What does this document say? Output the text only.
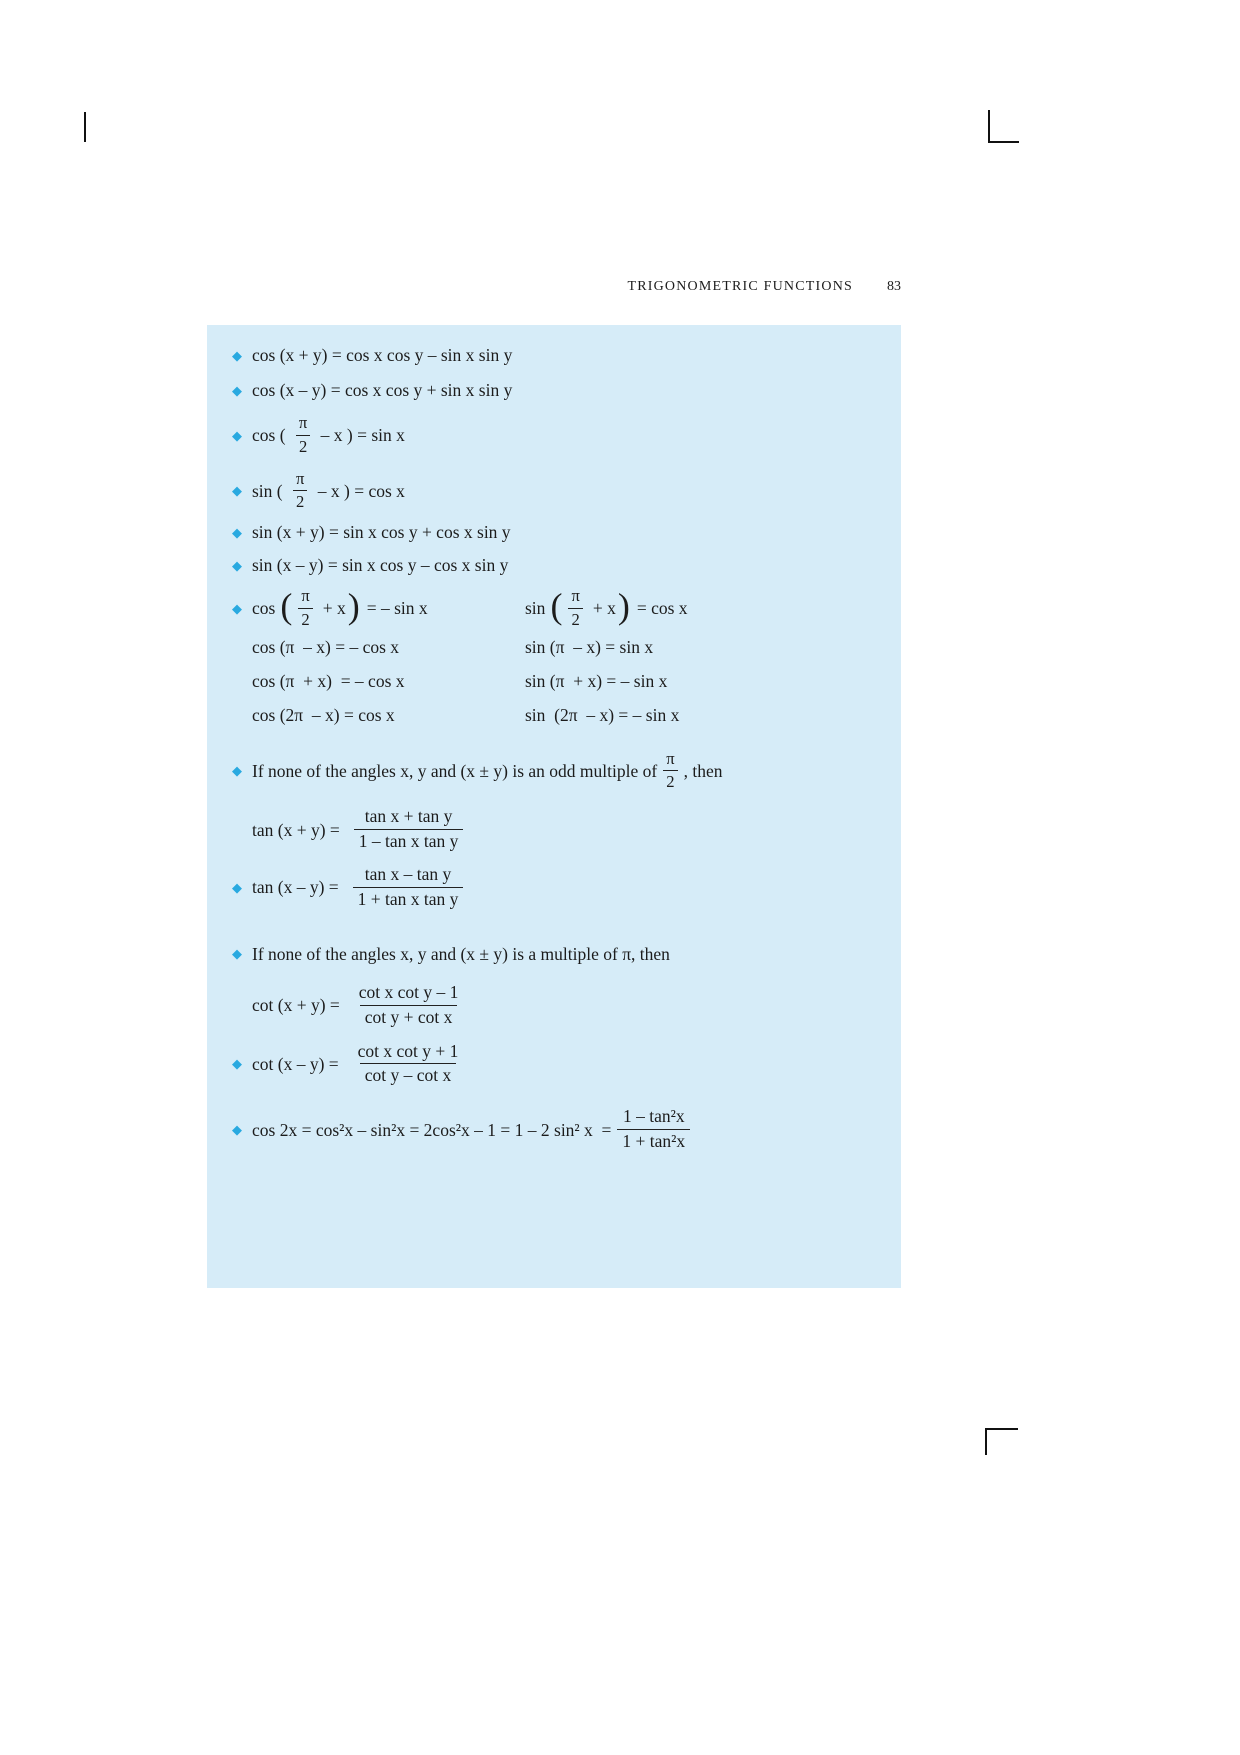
TRIGONOMETRIC FUNCTIONS 83
◆ cos (x + y) = cos x cos y – sin x sin y
◆ cos (x – y) = cos x cos y + sin x sin y
◆ cos ( $\frac{\pi}{2}$ – x ) = sin x
◆ sin ( $\frac{\pi}{2}$ – x ) = cos x
◆ sin (x + y) = sin x cos y + cos x sin y
◆ sin (x – y) = sin x cos y – cos x sin y
◆ cos ( $\frac{\pi}{2} + x$ ) = – sin x	sin ( $\frac{\pi}{2} + x$ ) = cos x
cos (π  – x) = – cos x	sin (π  – x) = sin x
cos (π  + x)  = – cos x	sin (π  + x) = – sin x
cos (2π  – x) = cos x	sin  (2π  – x) = – sin x
◆ If none of the angles x, y and (x ± y) is an odd multiple of $\frac{\pi}{2}$ , then
$\tan (x + y) = \frac{\text{tan x + tan y}}{\text{1 – tan x tan y}}$
◆ $\tan (x - y) = \frac{\text{tan x – tan y}}{\text{1 + tan x tan y}}$
◆ If none of the angles x, y and (x ± y) is a multiple of π, then
$\cot (x + y) = \frac{\text{cot x cot y – 1}}{\text{cot y + cot x}}$
◆ $\cot (x - y) = \frac{\text{cot x cot y + 1}}{\text{cot y – cot x}}$
◆ cos 2x = cos²x – sin²x = 2cos²x – 1 = 1 – 2 sin² $x = \frac{\text{1 – tan²x}}{\text{1 + tan²x}}$
